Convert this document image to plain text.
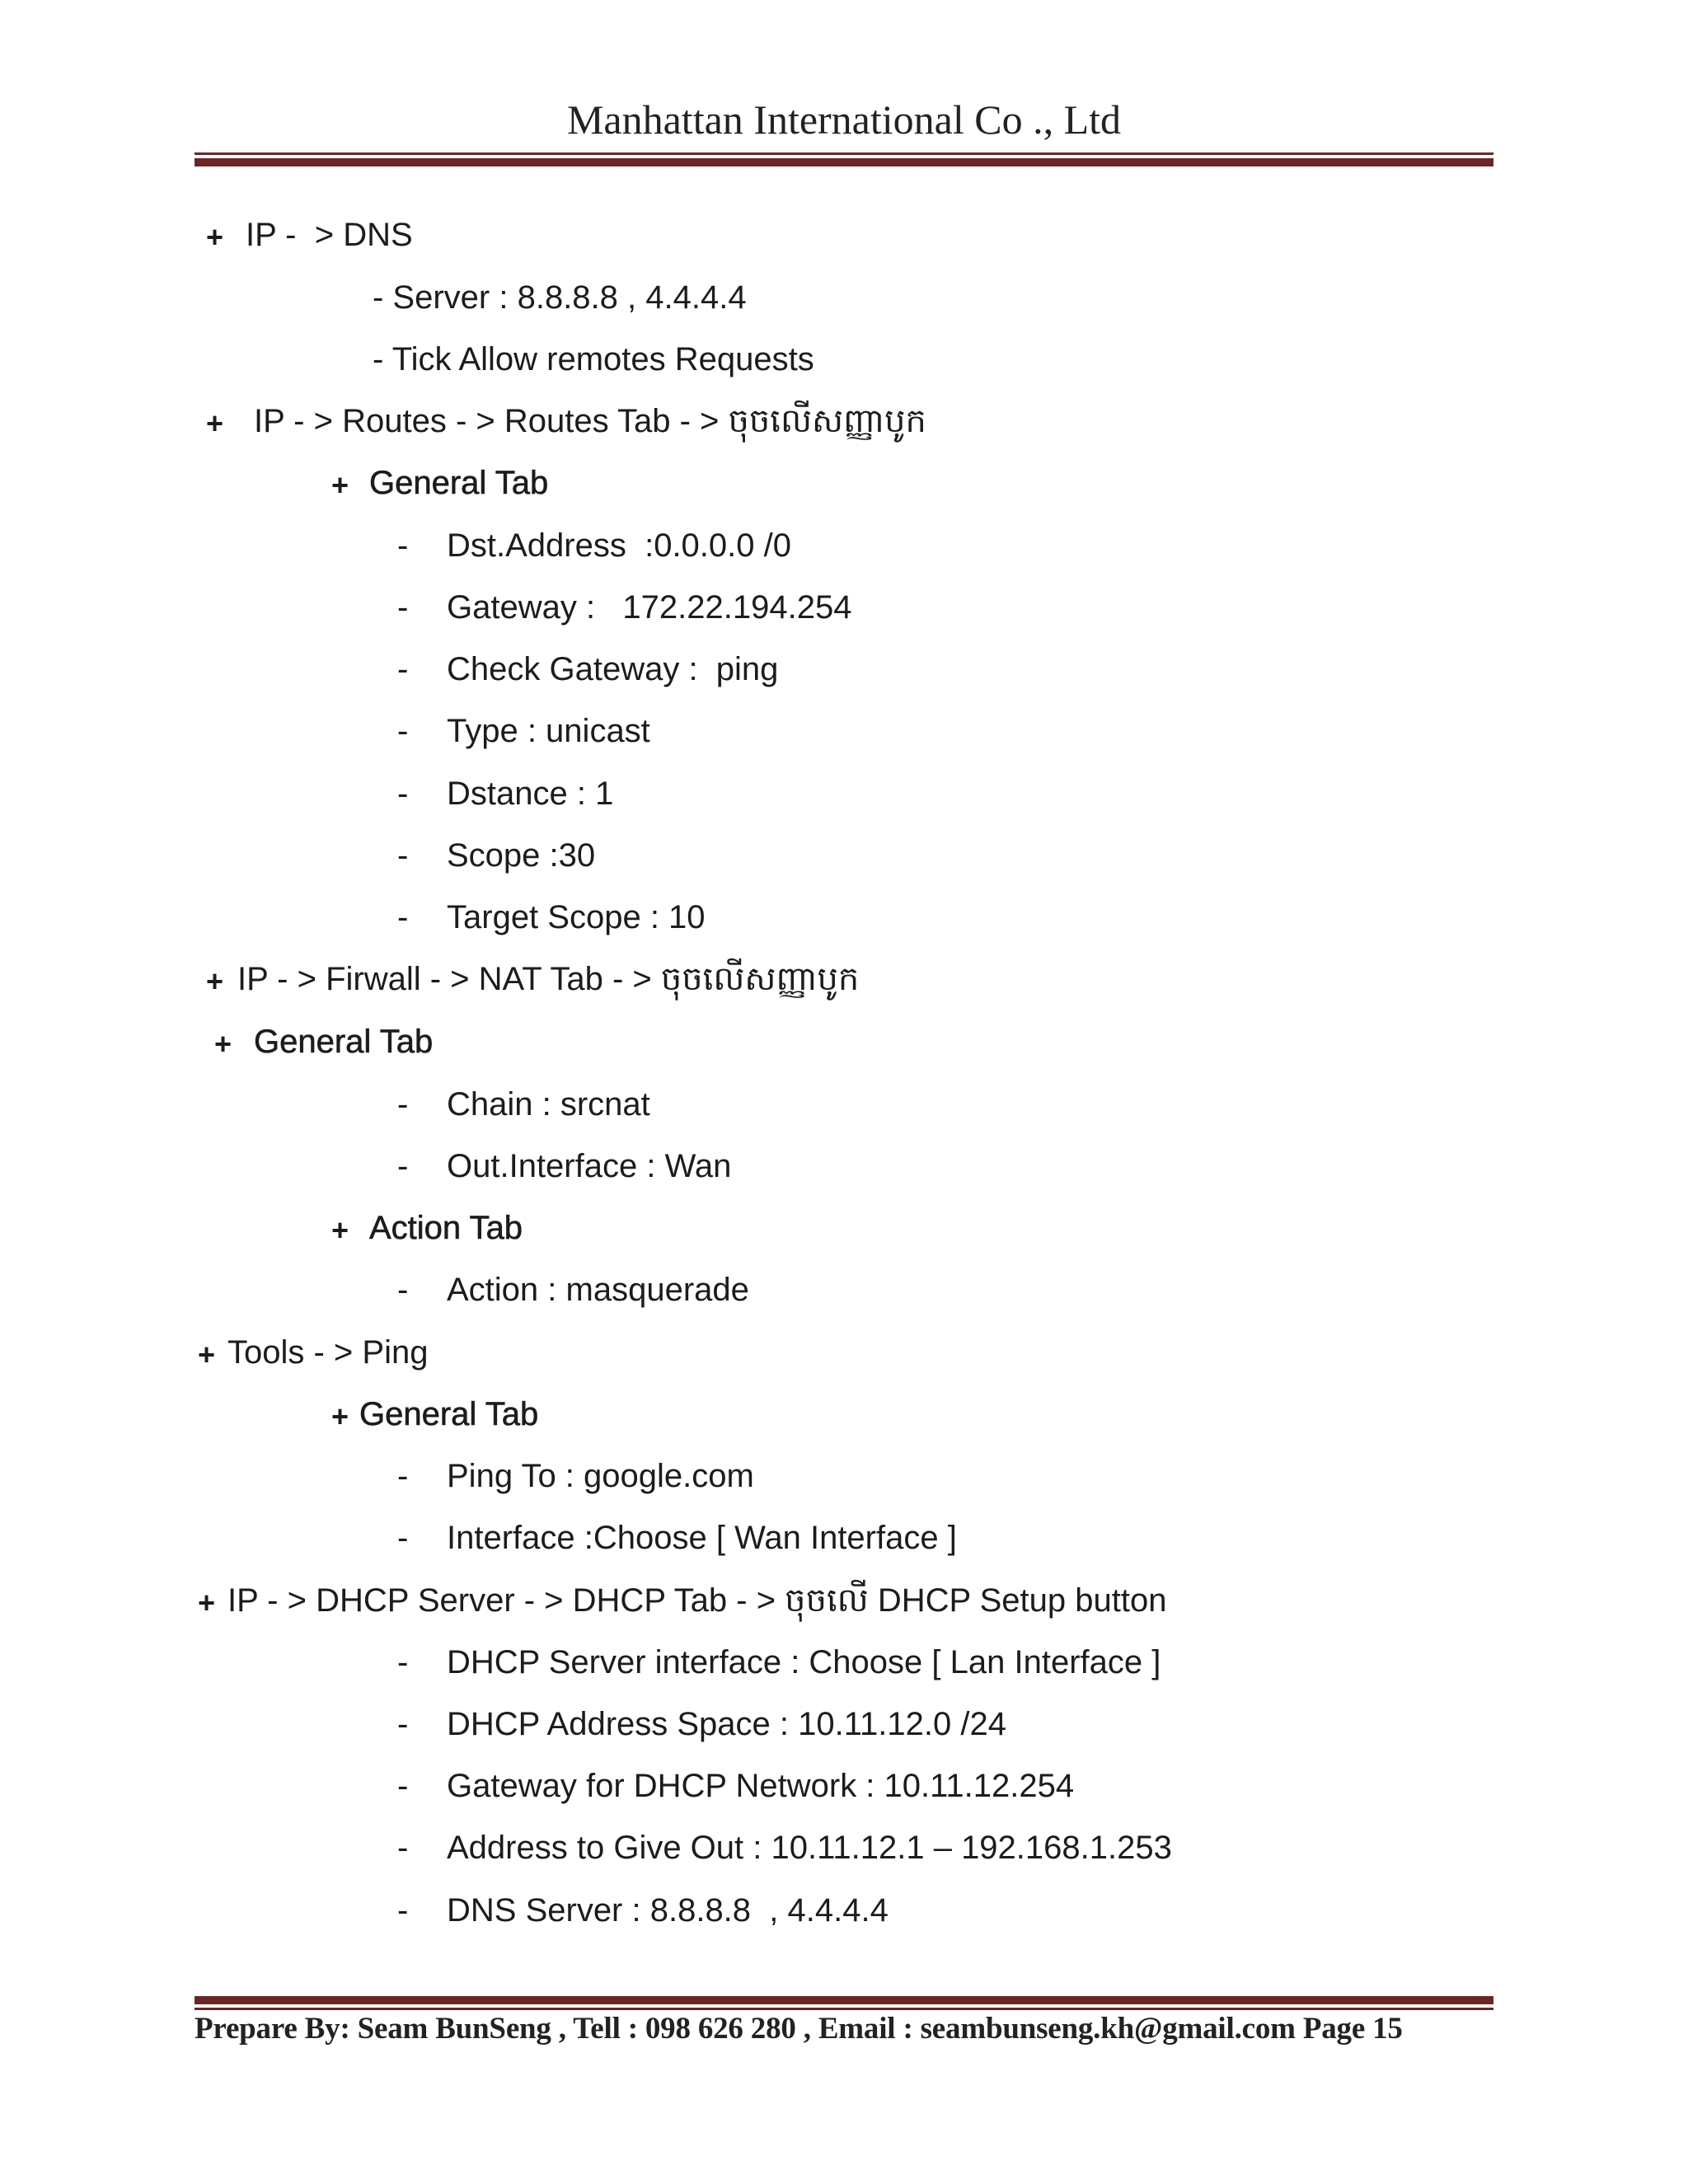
Manhattan International Co ., Ltd
+ IP -  > DNS
- Server : 8.8.8.8 , 4.4.4.4
- Tick Allow remotes Requests
+ IP - > Routes - > Routes Tab - > ចុចលើសញ្ញាបូក
+ General Tab
- Dst.Address  :0.0.0.0 /0
- Gateway :   172.22.194.254
- Check Gateway :  ping
- Type : unicast
- Dstance : 1
- Scope :30
- Target Scope : 10
+ IP - > Firwall - > NAT Tab - > ចុចលើសញ្ញាបូក
+ General Tab
- Chain : srcnat
- Out.Interface : Wan
+ Action Tab
- Action : masquerade
+ Tools - > Ping
+ General Tab
- Ping To : google.com
- Interface :Choose [ Wan Interface ]
+ IP - > DHCP Server - > DHCP Tab - > ចុចលើ DHCP Setup button
- DHCP Server interface : Choose [ Lan Interface ]
- DHCP Address Space : 10.11.12.0 /24
- Gateway for DHCP Network : 10.11.12.254
- Address to Give Out : 10.11.12.1 – 192.168.1.253
- DNS Server : 8.8.8.8  , 4.4.4.4
Prepare By: Seam BunSeng , Tell : 098 626 280 , Email : seambunseng.kh@gmail.com Page 15
